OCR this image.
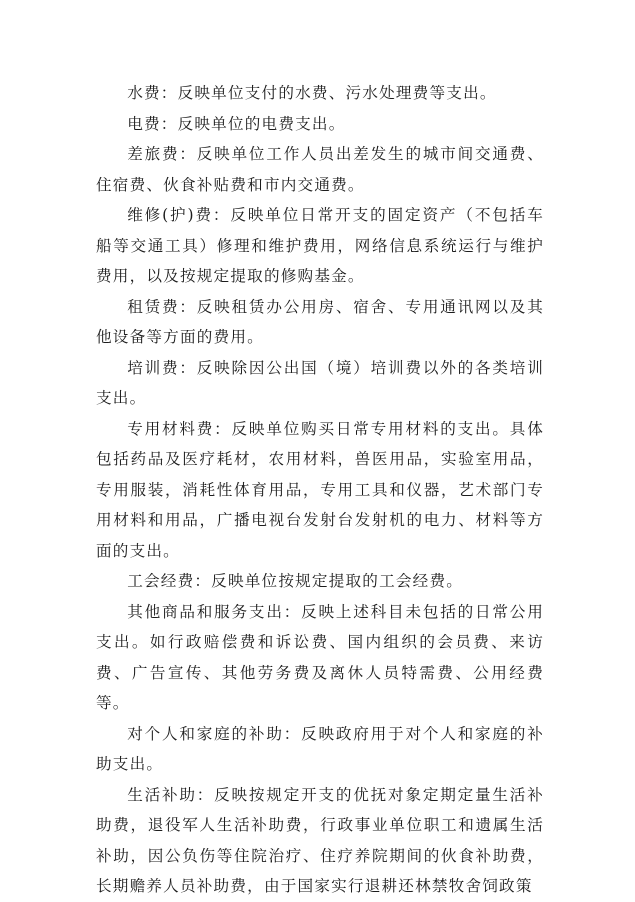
水费：反映单位支付的水费、污水处理费等支出。

电费：反映单位的电费支出。

差旅费：反映单位工作人员出差发生的城市间交通费、住宿费、伙食补贴费和市内交通费。

维修(护)费：反映单位日常开支的固定资产（不包括车船等交通工具）修理和维护费用，网络信息系统运行与维护费用，以及按规定提取的修购基金。

租赁费：反映租赁办公用房、宿舍、专用通讯网以及其他设备等方面的费用。

培训费：反映除因公出国（境）培训费以外的各类培训支出。

专用材料费：反映单位购买日常专用材料的支出。具体包括药品及医疗耗材，农用材料，兽医用品，实验室用品，专用服装，消耗性体育用品，专用工具和仪器，艺术部门专用材料和用品，广播电视台发射台发射机的电力、材料等方面的支出。

工会经费：反映单位按规定提取的工会经费。

其他商品和服务支出：反映上述科目未包括的日常公用支出。如行政赔偿费和诉讼费、国内组织的会员费、来访费、广告宣传、其他劳务费及离休人员特需费、公用经费等。

对个人和家庭的补助：反映政府用于对个人和家庭的补助支出。

生活补助：反映按规定开支的优抚对象定期定量生活补助费，退役军人生活补助费，行政事业单位职工和遗属生活补助，因公负伤等住院治疗、住疗养院期间的伙食补助费，长期赡养人员补助费，由于国家实行退耕还林禁牧舍饲政策
